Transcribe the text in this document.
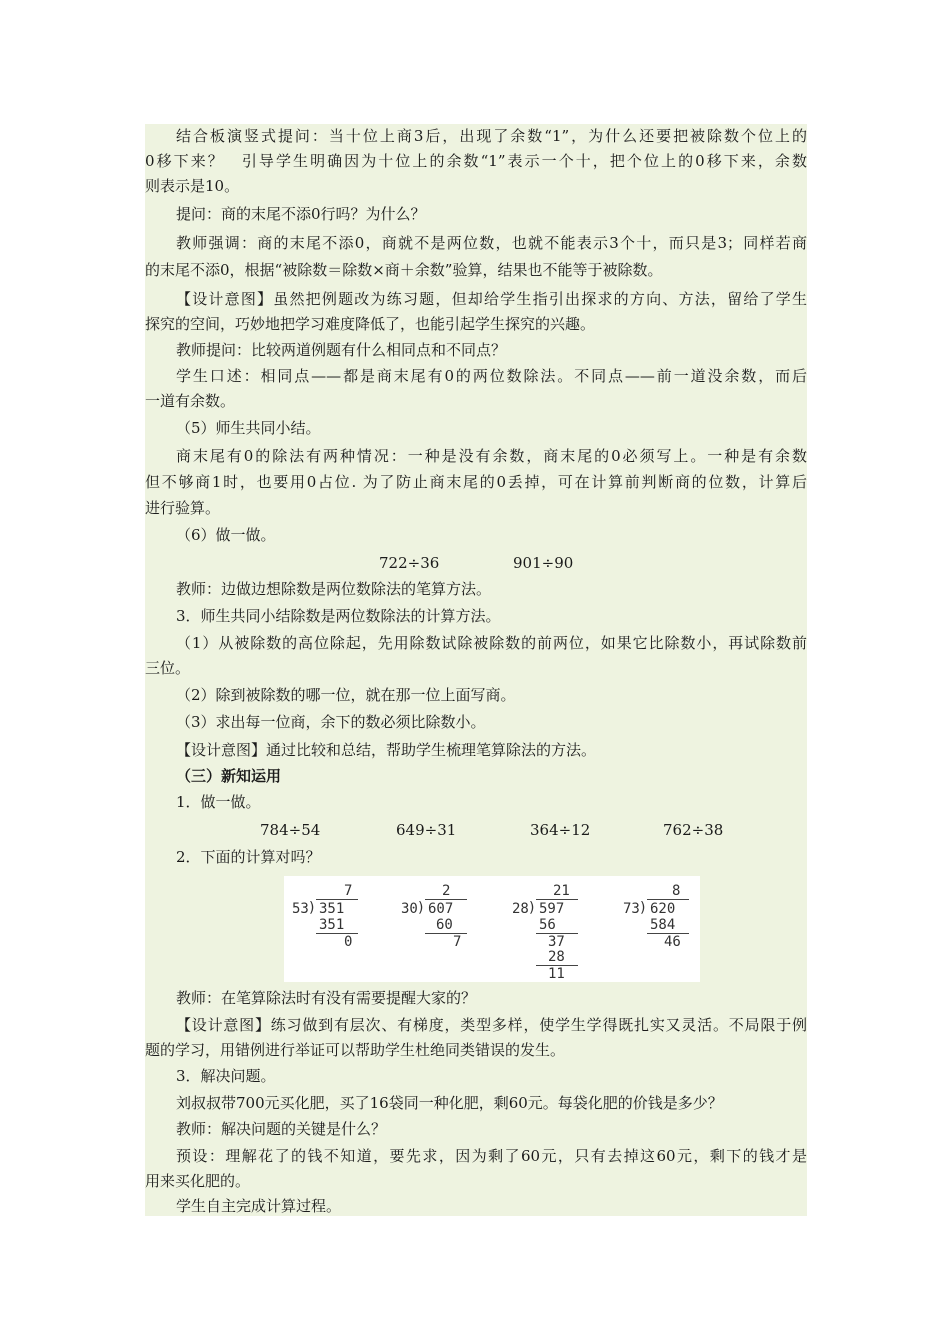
结合板演竖式提问：当十位上商3后，出现了余数“1”，为什么还要把被除数个位上的
0移下来？　引导学生明确因为十位上的余数“1”表示一个十，把个位上的0移下来，余数
则表示是10。
提问：商的末尾不添0行吗？为什么？
教师强调：商的末尾不添0，商就不是两位数，也就不能表示3个十，而只是3；同样若商
的末尾不添0，根据“被除数＝除数×商＋余数”验算，结果也不能等于被除数。
【设计意图】虽然把例题改为练习题，但却给学生指引出探求的方向、方法，留给了学生
探究的空间，巧妙地把学习难度降低了，也能引起学生探究的兴趣。
教师提问：比较两道例题有什么相同点和不同点？
学生口述：相同点——都是商末尾有0的两位数除法。不同点——前一道没余数，而后
一道有余数。
（5）师生共同小结。
商末尾有0的除法有两种情况：一种是没有余数，商末尾的0必须写上。一种是有余数
但不够商1时，也要用0占位. 为了防止商末尾的0丢掉，可在计算前判断商的位数，计算后
进行验算。
（6）做一做。
722÷36	901÷90
教师：边做边想除数是两位数除法的笔算方法。
3．师生共同小结除数是两位数除法的计算方法。
（1）从被除数的高位除起，先用除数试除被除数的前两位，如果它比除数小，再试除数前
三位。
（2）除到被除数的哪一位，就在那一位上面写商。
（3）求出每一位商，余下的数必须比除数小。
【设计意图】通过比较和总结，帮助学生梳理笔算除法的方法。
（三）新知运用
1．做一做。
784÷54	649÷31	364÷12	762÷38
2．下面的计算对吗？
7
53 ) 351
351
0
2
30 ) 607
60
7
21
28 ) 597
56
37
28
11
8
73 ) 620
584
46
教师：在笔算除法时有没有需要提醒大家的？
【设计意图】练习做到有层次、有梯度，类型多样，使学生学得既扎实又灵活。不局限于例
题的学习，用错例进行举证可以帮助学生杜绝同类错误的发生。
3．解决问题。
刘叔叔带700元买化肥，买了16袋同一种化肥，剩60元。每袋化肥的价钱是多少？
教师：解决问题的关键是什么？
预设：理解花了的钱不知道，要先求，因为剩了60元，只有去掉这60元，剩下的钱才是
用来买化肥的。
学生自主完成计算过程。
